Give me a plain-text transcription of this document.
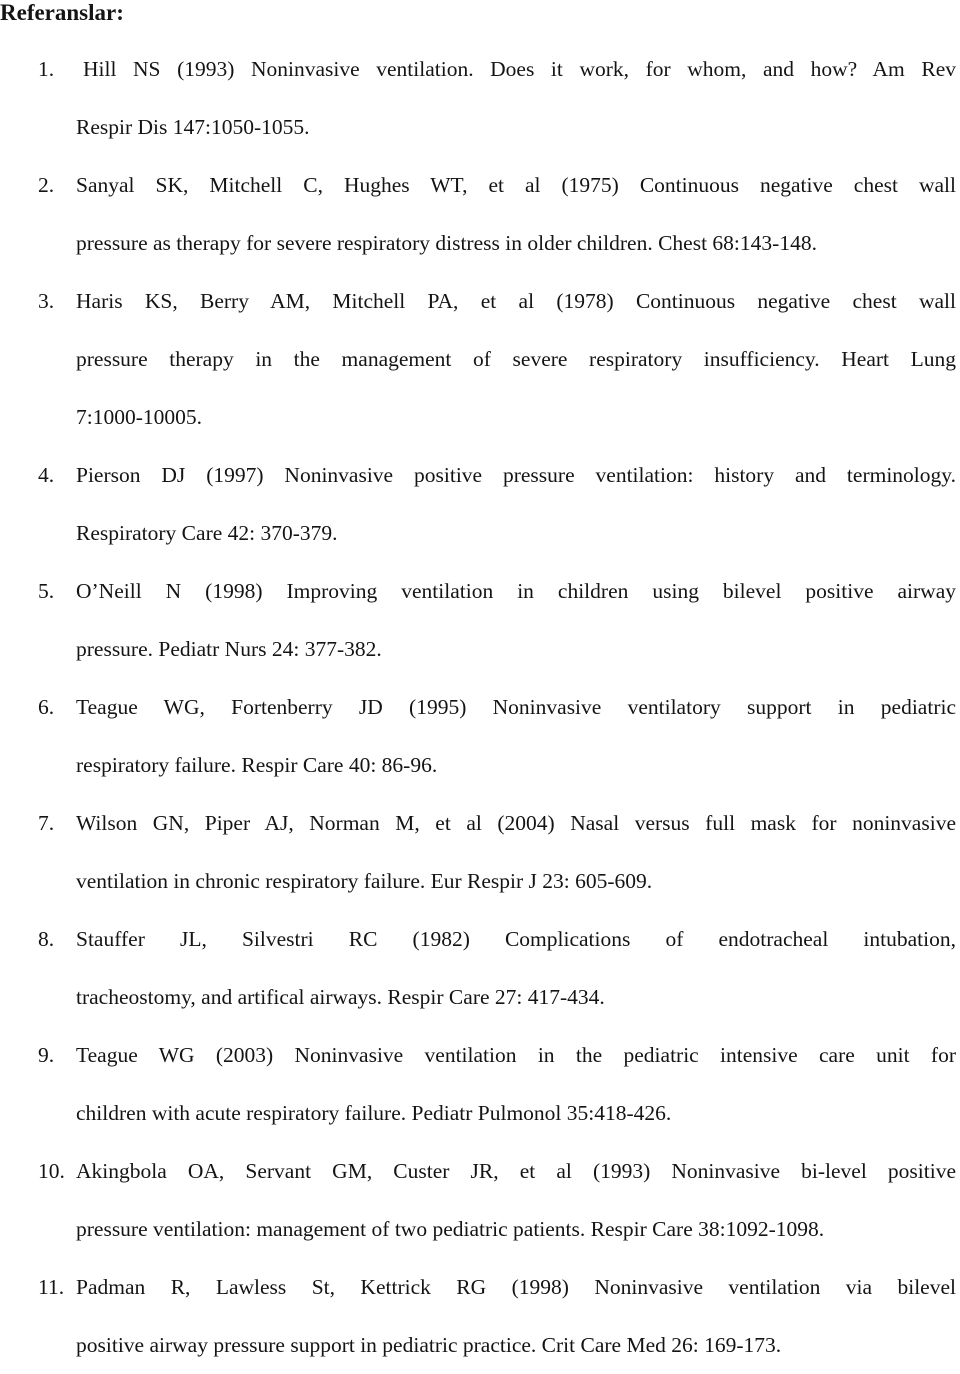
Referanslar:
1. Hill NS (1993) Noninvasive ventilation. Does it work, for whom, and how? Am Rev
Respir Dis 147:1050-1055.
2. Sanyal SK, Mitchell C, Hughes WT, et al (1975) Continuous negative chest wall
pressure as therapy for severe respiratory distress in older children. Chest 68:143-148.
3. Haris KS, Berry AM, Mitchell PA, et al (1978) Continuous negative chest wall
pressure therapy in the management of severe respiratory insufficiency. Heart Lung
7:1000-10005.
4. Pierson DJ (1997) Noninvasive positive pressure ventilation: history and terminology.
Respiratory Care 42: 370-379.
5. O’Neill N (1998) Improving ventilation in children using bilevel positive airway
pressure. Pediatr Nurs 24: 377-382.
6. Teague WG, Fortenberry JD (1995) Noninvasive ventilatory support in pediatric
respiratory failure. Respir Care 40: 86-96.
7. Wilson GN, Piper AJ, Norman M, et al (2004) Nasal versus full mask for noninvasive
ventilation in chronic respiratory failure. Eur Respir J 23: 605-609.
8. Stauffer JL, Silvestri RC (1982) Complications of endotracheal intubation,
tracheostomy, and artifical airways. Respir Care 27: 417-434.
9. Teague WG (2003) Noninvasive ventilation in the pediatric intensive care unit for
children with acute respiratory failure. Pediatr Pulmonol 35:418-426.
10. Akingbola OA, Servant GM, Custer JR, et al (1993) Noninvasive bi-level positive
pressure ventilation: management of two pediatric patients. Respir Care 38:1092-1098.
11. Padman R, Lawless St, Kettrick RG (1998) Noninvasive ventilation via bilevel
positive airway pressure support in pediatric practice. Crit Care Med 26: 169-173.
